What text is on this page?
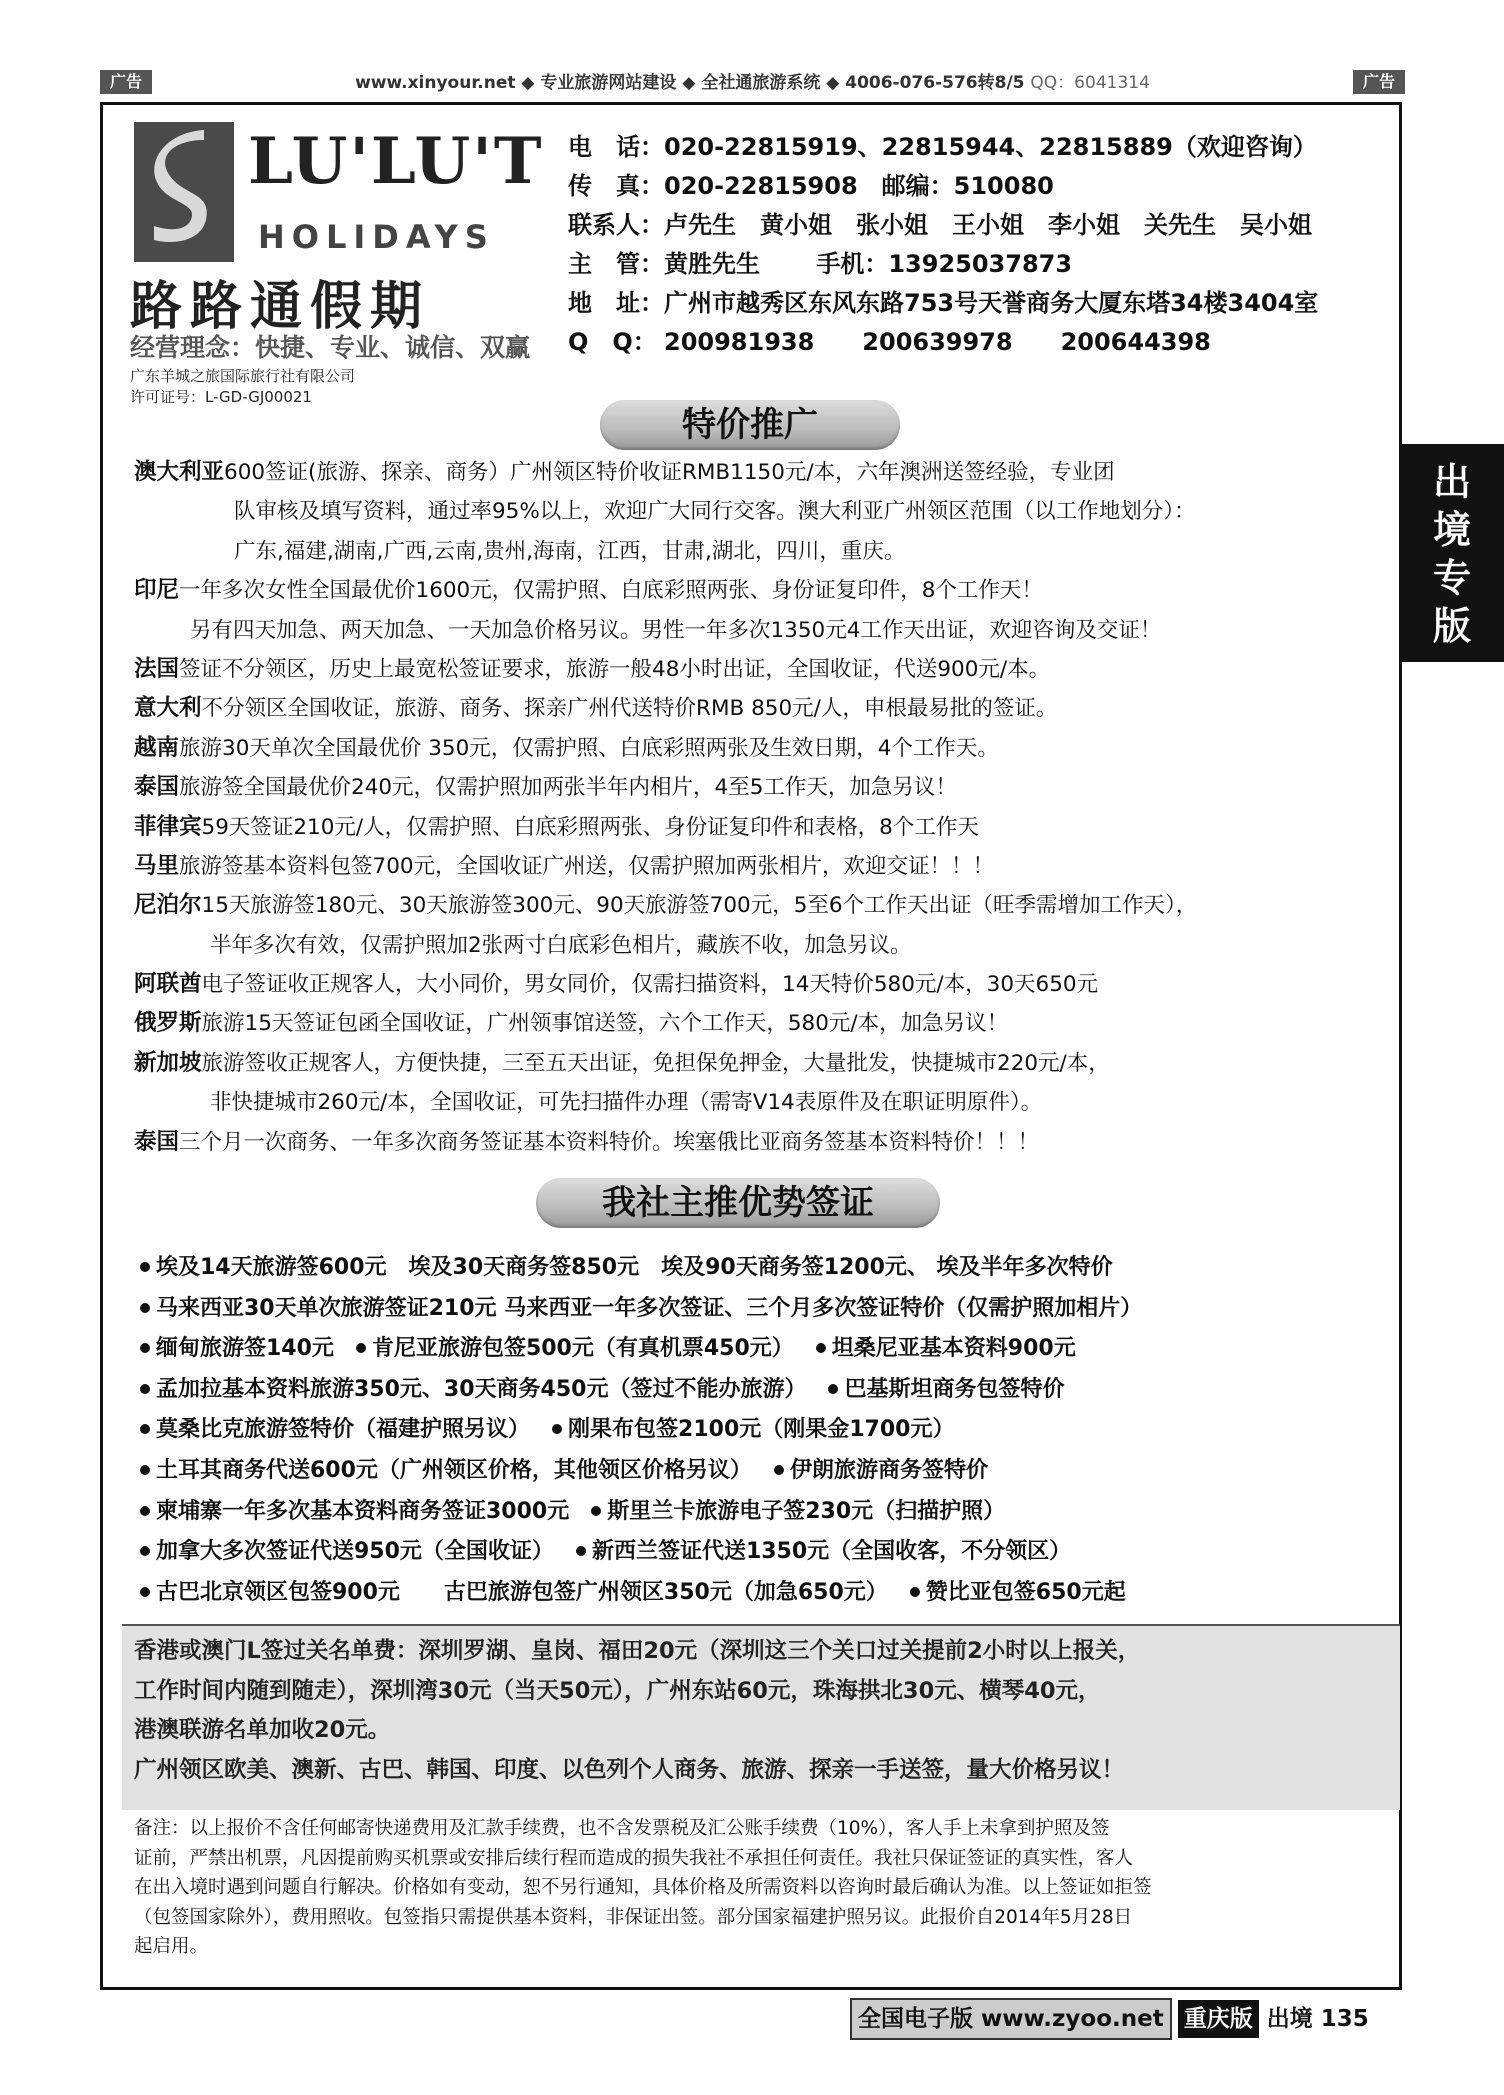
广告	www.xinyour.net ◆ 专业旅游网站建设 ◆ 全社通旅游系统 ◆ 4006-076-576转8/5 QQ：6041314	广告
LU'LU'T
HOLIDAYS
路路通假期
经营理念：快捷、专业、诚信、双赢
广东羊城之旅国际旅行社有限公司
许可证号：L-GD-GJ00021
电　话：020-22815919、22815944、22815889（欢迎咨询）
传　真：020-22815908　邮编：510080
联系人：卢先生　黄小姐　张小姐　王小姐　李小姐　关先生　吴小姐
主　管：黄胜先生　　 手机：13925037873
地　址：广州市越秀区东风东路753号天誉商务大厦东塔34楼3404室
Q　Q： 200981938　　200639978　　200644398
特价推广
出
境
专
版
澳大利亚600签证(旅游、探亲、商务）广州领区特价收证RMB1150元/本，六年澳洲送签经验，专业团
队审核及填写资料，通过率95%以上，欢迎广大同行交客。澳大利亚广州领区范围（以工作地划分）：
广东,福建,湖南,广西,云南,贵州,海南，江西，甘肃,湖北，四川，重庆。
印尼一年多次女性全国最优价1600元，仅需护照、白底彩照两张、身份证复印件，8个工作天！
另有四天加急、两天加急、一天加急价格另议。男性一年多次1350元4工作天出证，欢迎咨询及交证！
法国签证不分领区，历史上最宽松签证要求，旅游一般48小时出证，全国收证，代送900元/本。
意大利不分领区全国收证，旅游、商务、探亲广州代送特价RMB 850元/人，申根最易批的签证。
越南旅游30天单次全国最优价 350元，仅需护照、白底彩照两张及生效日期，4个工作天。
泰国旅游签全国最优价240元，仅需护照加两张半年内相片，4至5工作天，加急另议！
菲律宾59天签证210元/人，仅需护照、白底彩照两张、身份证复印件和表格，8个工作天
马里旅游签基本资料包签700元，全国收证广州送，仅需护照加两张相片，欢迎交证！！！
尼泊尔15天旅游签180元、30天旅游签300元、90天旅游签700元，5至6个工作天出证（旺季需增加工作天），
半年多次有效，仅需护照加2张两寸白底彩色相片，藏族不收，加急另议。
阿联酋电子签证收正规客人，大小同价，男女同价，仅需扫描资料，14天特价580元/本，30天650元
俄罗斯旅游15天签证包函全国收证，广州领事馆送签，六个工作天，580元/本，加急另议！
新加坡旅游签收正规客人，方便快捷，三至五天出证，免担保免押金，大量批发，快捷城市220元/本，
非快捷城市260元/本，全国收证，可先扫描件办理（需寄V14表原件及在职证明原件）。
泰国三个月一次商务、一年多次商务签证基本资料特价。埃塞俄比亚商务签基本资料特价！！！
我社主推优势签证
埃及14天旅游签600元　埃及30天商务签850元　埃及90天商务签1200元、 埃及半年多次特价
马来西亚30天单次旅游签证210元 马来西亚一年多次签证、三个月多次签证特价（仅需护照加相片）
缅甸旅游签140元 肯尼亚旅游包签500元（有真机票450元） 坦桑尼亚基本资料900元
孟加拉基本资料旅游350元、30天商务450元（签过不能办旅游） 巴基斯坦商务包签特价
莫桑比克旅游签特价（福建护照另议） 刚果布包签2100元（刚果金1700元）
土耳其商务代送600元（广州领区价格，其他领区价格另议） 伊朗旅游商务签特价
柬埔寨一年多次基本资料商务签证3000元 斯里兰卡旅游电子签230元（扫描护照）
加拿大多次签证代送950元（全国收证） 新西兰签证代送1350元（全国收客，不分领区）
古巴北京领区包签900元　　古巴旅游包签广州领区350元（加急650元） 赞比亚包签650元起
香港或澳门L签过关名单费：深圳罗湖、皇岗、福田20元（深圳这三个关口过关提前2小时以上报关，
工作时间内随到随走），深圳湾30元（当天50元），广州东站60元，珠海拱北30元、横琴40元，
港澳联游名单加收20元。
广州领区欧美、澳新、古巴、韩国、印度、以色列个人商务、旅游、探亲一手送签，量大价格另议！
备注：以上报价不含任何邮寄快递费用及汇款手续费，也不含发票税及汇公账手续费（10%），客人手上未拿到护照及签
证前，严禁出机票，凡因提前购买机票或安排后续行程而造成的损失我社不承担任何责任。我社只保证签证的真实性，客人
在出入境时遇到问题自行解决。价格如有变动，恕不另行通知，具体价格及所需资料以咨询时最后确认为准。以上签证如拒签
（包签国家除外），费用照收。包签指只需提供基本资料，非保证出签。部分国家福建护照另议。此报价自2014年5月28日
起启用。
全国电子版 www.zyoo.net 重庆版 出境 135
